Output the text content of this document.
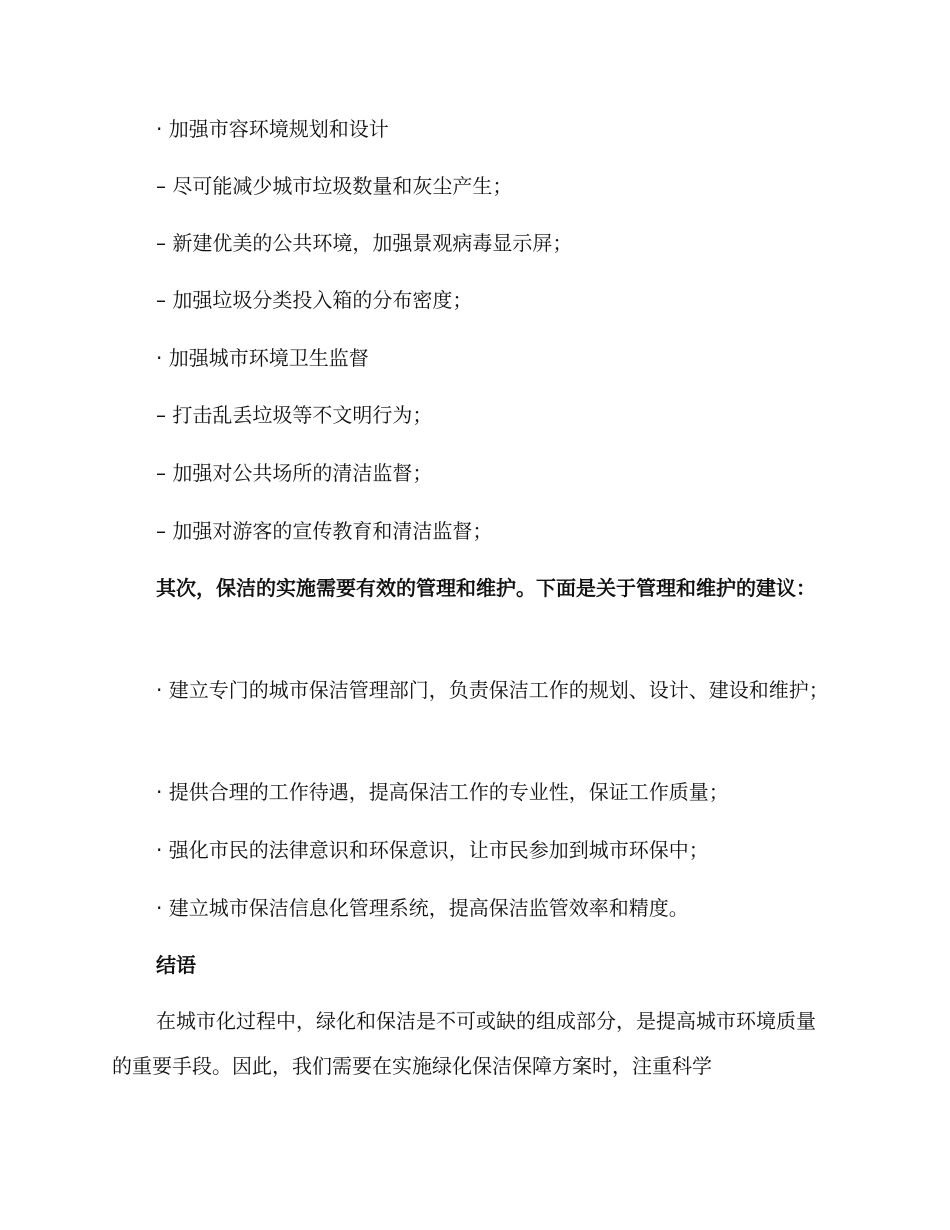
· 加强市容环境规划和设计

– 尽可能减少城市垃圾数量和灰尘产生；

– 新建优美的公共环境，加强景观病毒显示屏；

– 加强垃圾分类投入箱的分布密度；

· 加强城市环境卫生监督

– 打击乱丢垃圾等不文明行为；

– 加强对公共场所的清洁监督；

– 加强对游客的宣传教育和清洁监督；

其次，保洁的实施需要有效的管理和维护。下面是关于管理和维护的建议：

· 建立专门的城市保洁管理部门，负责保洁工作的规划、设计、建设和维护；

· 提供合理的工作待遇，提高保洁工作的专业性，保证工作质量；

· 强化市民的法律意识和环保意识，让市民参加到城市环保中；

· 建立城市保洁信息化管理系统，提高保洁监管效率和精度。

结语

在城市化过程中，绿化和保洁是不可或缺的组成部分，是提高城市环境质量的重要手段。因此，我们需要在实施绿化保洁保障方案时，注重科学
